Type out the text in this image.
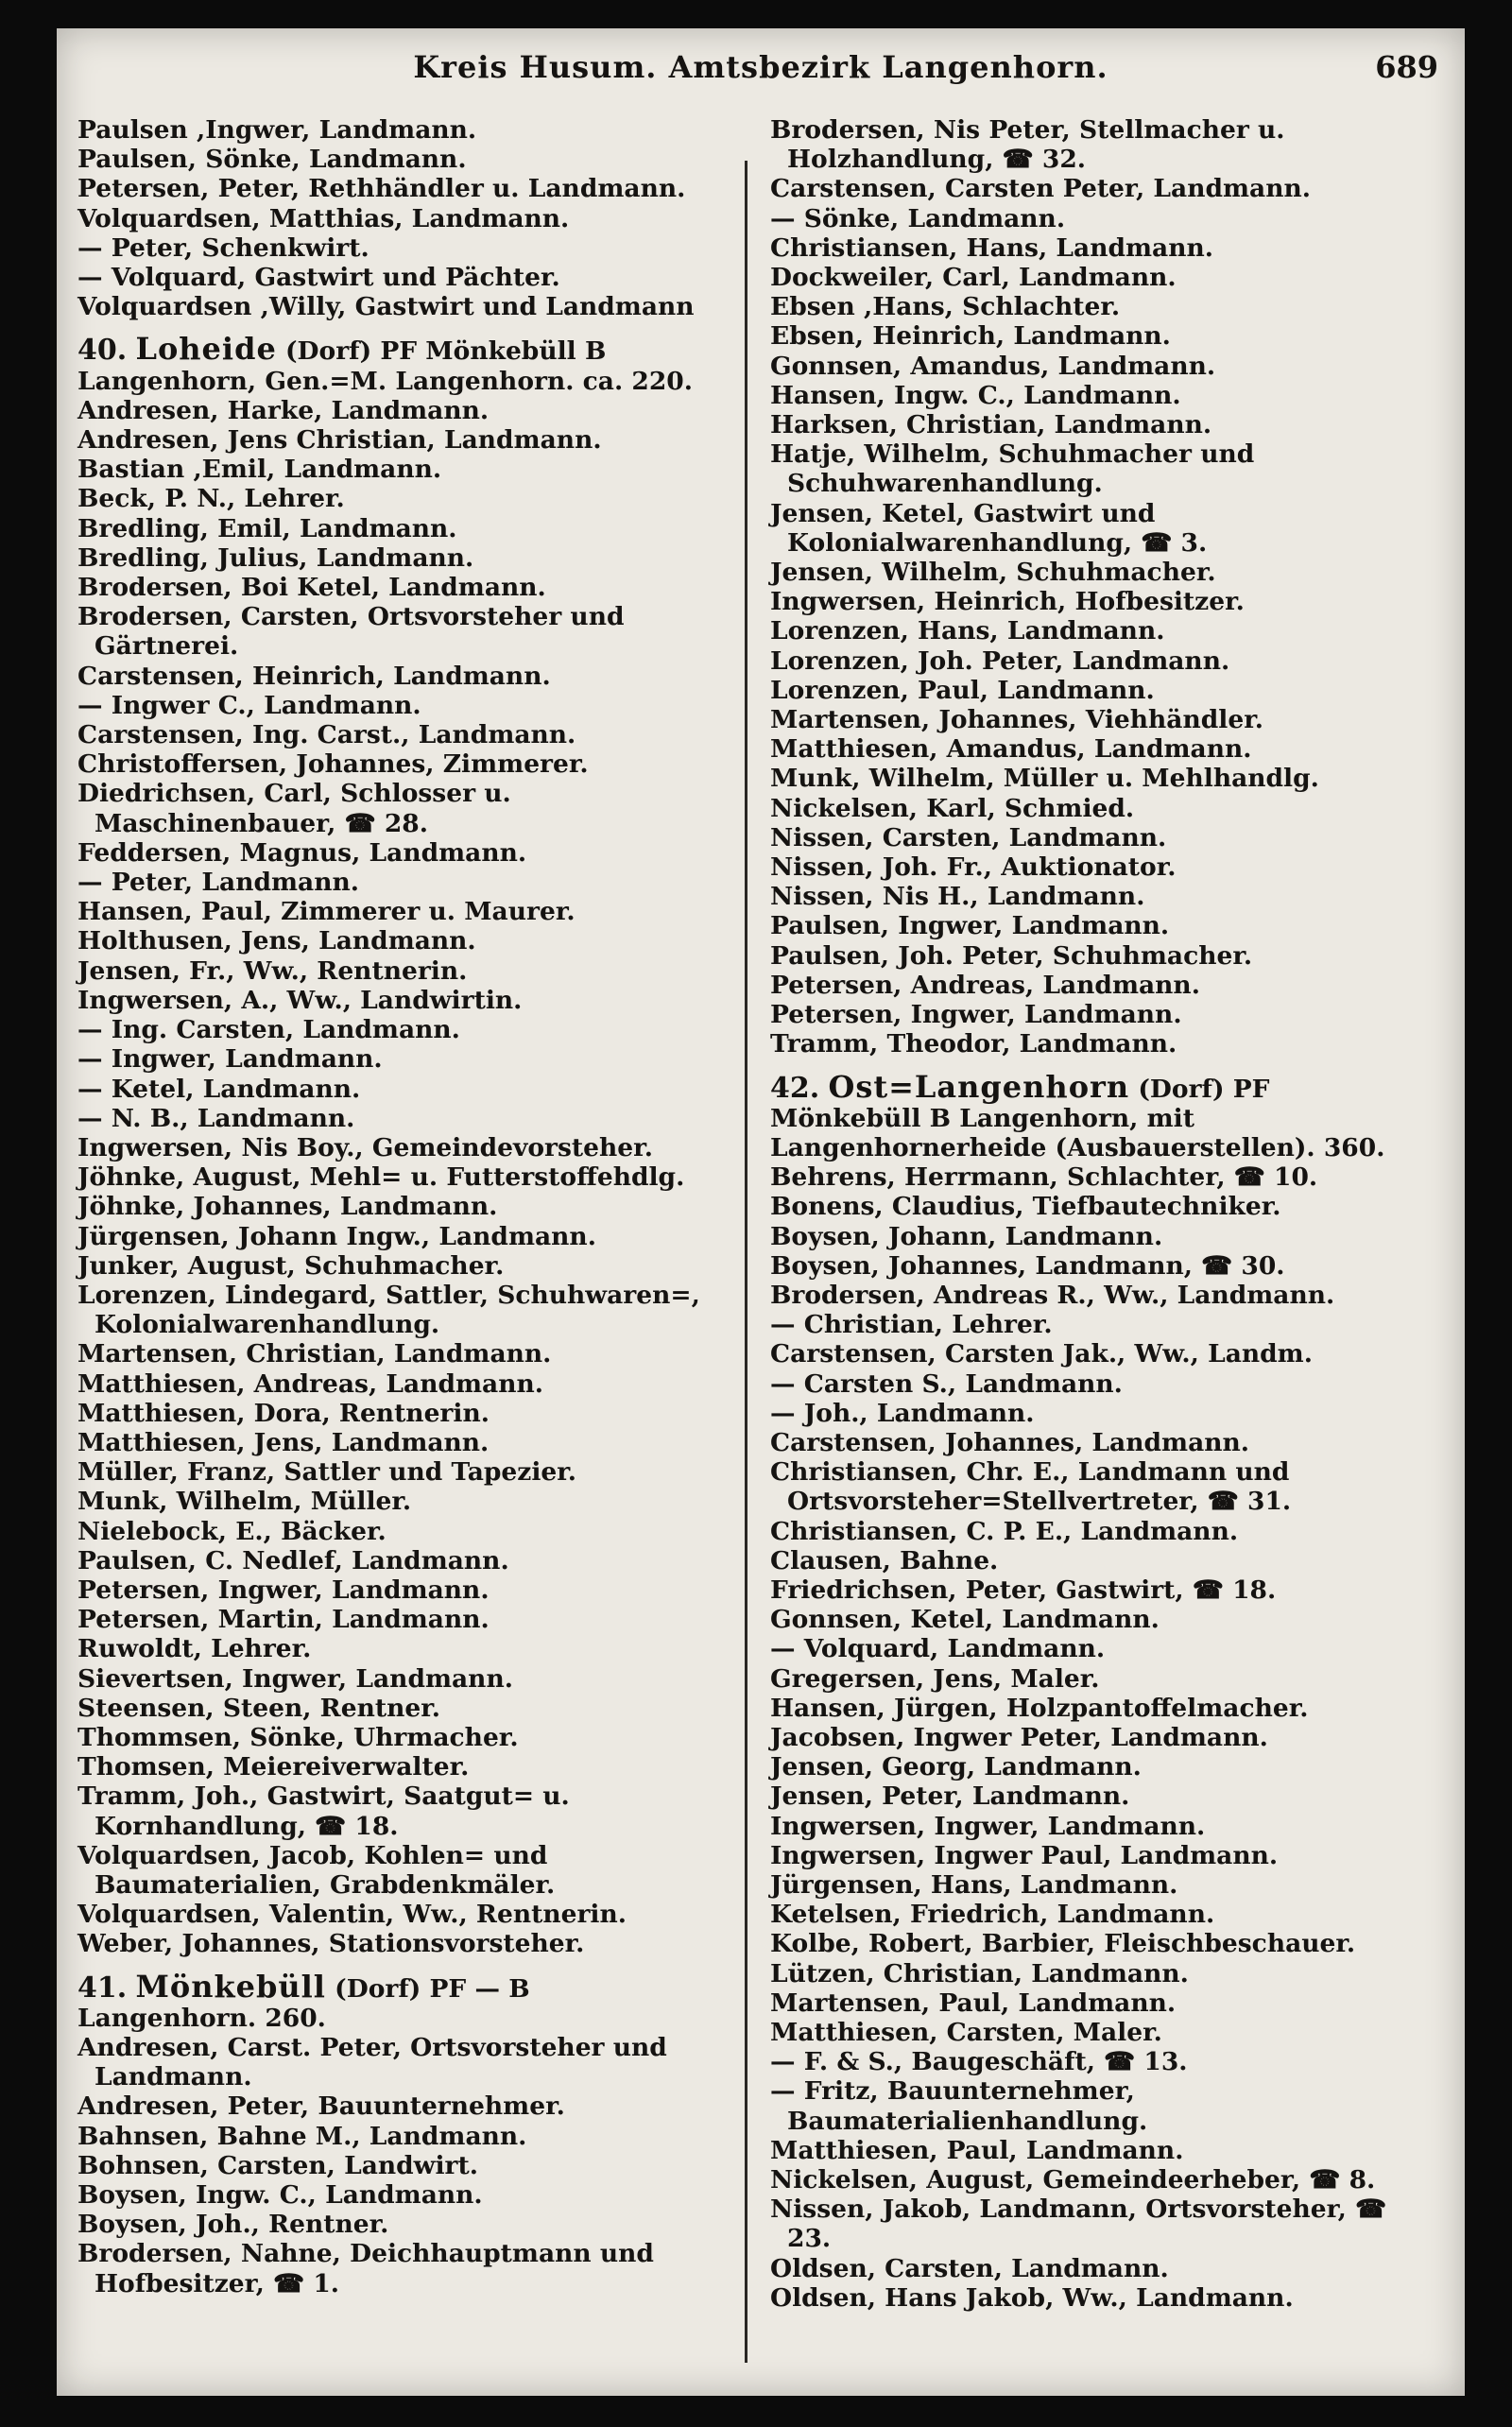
Kreis Husum. Amtsbezirk Langenhorn.	689
Paulsen ,Ingwer, Landmann.
Paulsen, Sönke, Landmann.
Petersen, Peter, Rethhändler u. Landmann.
Volquardsen, Matthias, Landmann.
— Peter, Schenkwirt.
— Volquard, Gastwirt und Pächter.
Volquardsen ,Willy, Gastwirt und Landmann
40. Loheide (Dorf) PF Mönkebüll B Langenhorn, Gen.=M. Langenhorn. ca. 220.
Andresen, Harke, Landmann.
Andresen, Jens Christian, Landmann.
Bastian ,Emil, Landmann.
Beck, P. N., Lehrer.
Bredling, Emil, Landmann.
Bredling, Julius, Landmann.
Brodersen, Boi Ketel, Landmann.
Brodersen, Carsten, Ortsvorsteher und Gärtnerei.
Carstensen, Heinrich, Landmann.
— Ingwer C., Landmann.
Carstensen, Ing. Carst., Landmann.
Christoffersen, Johannes, Zimmerer.
Diedrichsen, Carl, Schlosser u. Maschinenbauer, ☎ 28.
Feddersen, Magnus, Landmann.
— Peter, Landmann.
Hansen, Paul, Zimmerer u. Maurer.
Holthusen, Jens, Landmann.
Jensen, Fr., Ww., Rentnerin.
Ingwersen, A., Ww., Landwirtin.
— Ing. Carsten, Landmann.
— Ingwer, Landmann.
— Ketel, Landmann.
— N. B., Landmann.
Ingwersen, Nis Boy., Gemeindevorsteher.
Jöhnke, August, Mehl= u. Futterstoffehdlg.
Jöhnke, Johannes, Landmann.
Jürgensen, Johann Ingw., Landmann.
Junker, August, Schuhmacher.
Lorenzen, Lindegard, Sattler, Schuhwaren=, Kolonialwarenhandlung.
Martensen, Christian, Landmann.
Matthiesen, Andreas, Landmann.
Matthiesen, Dora, Rentnerin.
Matthiesen, Jens, Landmann.
Müller, Franz, Sattler und Tapezier.
Munk, Wilhelm, Müller.
Nielebock, E., Bäcker.
Paulsen, C. Nedlef, Landmann.
Petersen, Ingwer, Landmann.
Petersen, Martin, Landmann.
Ruwoldt, Lehrer.
Sievertsen, Ingwer, Landmann.
Steensen, Steen, Rentner.
Thommsen, Sönke, Uhrmacher.
Thomsen, Meiereiverwalter.
Tramm, Joh., Gastwirt, Saatgut= u. Kornhandlung, ☎ 18.
Volquardsen, Jacob, Kohlen= und Baumaterialien, Grabdenkmäler.
Volquardsen, Valentin, Ww., Rentnerin.
Weber, Johannes, Stationsvorsteher.
41. Mönkebüll (Dorf) PF — B Langenhorn. 260.
Andresen, Carst. Peter, Ortsvorsteher und Landmann.
Andresen, Peter, Bauunternehmer.
Bahnsen, Bahne M., Landmann.
Bohnsen, Carsten, Landwirt.
Boysen, Ingw. C., Landmann.
Boysen, Joh., Rentner.
Brodersen, Nahne, Deichhauptmann und Hofbesitzer, ☎ 1.
Brodersen, Nis Peter, Stellmacher u. Holzhandlung, ☎ 32.
Carstensen, Carsten Peter, Landmann.
— Sönke, Landmann.
Christiansen, Hans, Landmann.
Dockweiler, Carl, Landmann.
Ebsen ,Hans, Schlachter.
Ebsen, Heinrich, Landmann.
Gonnsen, Amandus, Landmann.
Hansen, Ingw. C., Landmann.
Harksen, Christian, Landmann.
Hatje, Wilhelm, Schuhmacher und Schuhwarenhandlung.
Jensen, Ketel, Gastwirt und Kolonialwarenhandlung, ☎ 3.
Jensen, Wilhelm, Schuhmacher.
Ingwersen, Heinrich, Hofbesitzer.
Lorenzen, Hans, Landmann.
Lorenzen, Joh. Peter, Landmann.
Lorenzen, Paul, Landmann.
Martensen, Johannes, Viehhändler.
Matthiesen, Amandus, Landmann.
Munk, Wilhelm, Müller u. Mehlhandlg.
Nickelsen, Karl, Schmied.
Nissen, Carsten, Landmann.
Nissen, Joh. Fr., Auktionator.
Nissen, Nis H., Landmann.
Paulsen, Ingwer, Landmann.
Paulsen, Joh. Peter, Schuhmacher.
Petersen, Andreas, Landmann.
Petersen, Ingwer, Landmann.
Tramm, Theodor, Landmann.
42. Ost=Langenhorn (Dorf) PF Mönkebüll B Langenhorn, mit Langenhornerheide (Ausbauerstellen). 360.
Behrens, Herrmann, Schlachter, ☎ 10.
Bonens, Claudius, Tiefbautechniker.
Boysen, Johann, Landmann.
Boysen, Johannes, Landmann, ☎ 30.
Brodersen, Andreas R., Ww., Landmann.
— Christian, Lehrer.
Carstensen, Carsten Jak., Ww., Landm.
— Carsten S., Landmann.
— Joh., Landmann.
Carstensen, Johannes, Landmann.
Christiansen, Chr. E., Landmann und Ortsvorsteher=Stellvertreter, ☎ 31.
Christiansen, C. P. E., Landmann.
Clausen, Bahne.
Friedrichsen, Peter, Gastwirt, ☎ 18.
Gonnsen, Ketel, Landmann.
— Volquard, Landmann.
Gregersen, Jens, Maler.
Hansen, Jürgen, Holzpantoffelmacher.
Jacobsen, Ingwer Peter, Landmann.
Jensen, Georg, Landmann.
Jensen, Peter, Landmann.
Ingwersen, Ingwer, Landmann.
Ingwersen, Ingwer Paul, Landmann.
Jürgensen, Hans, Landmann.
Ketelsen, Friedrich, Landmann.
Kolbe, Robert, Barbier, Fleischbeschauer.
Lützen, Christian, Landmann.
Martensen, Paul, Landmann.
Matthiesen, Carsten, Maler.
— F. & S., Baugeschäft, ☎ 13.
— Fritz, Bauunternehmer, Baumaterialienhandlung.
Matthiesen, Paul, Landmann.
Nickelsen, August, Gemeindeerheber, ☎ 8.
Nissen, Jakob, Landmann, Ortsvorsteher, ☎ 23.
Oldsen, Carsten, Landmann.
Oldsen, Hans Jakob, Ww., Landmann.
